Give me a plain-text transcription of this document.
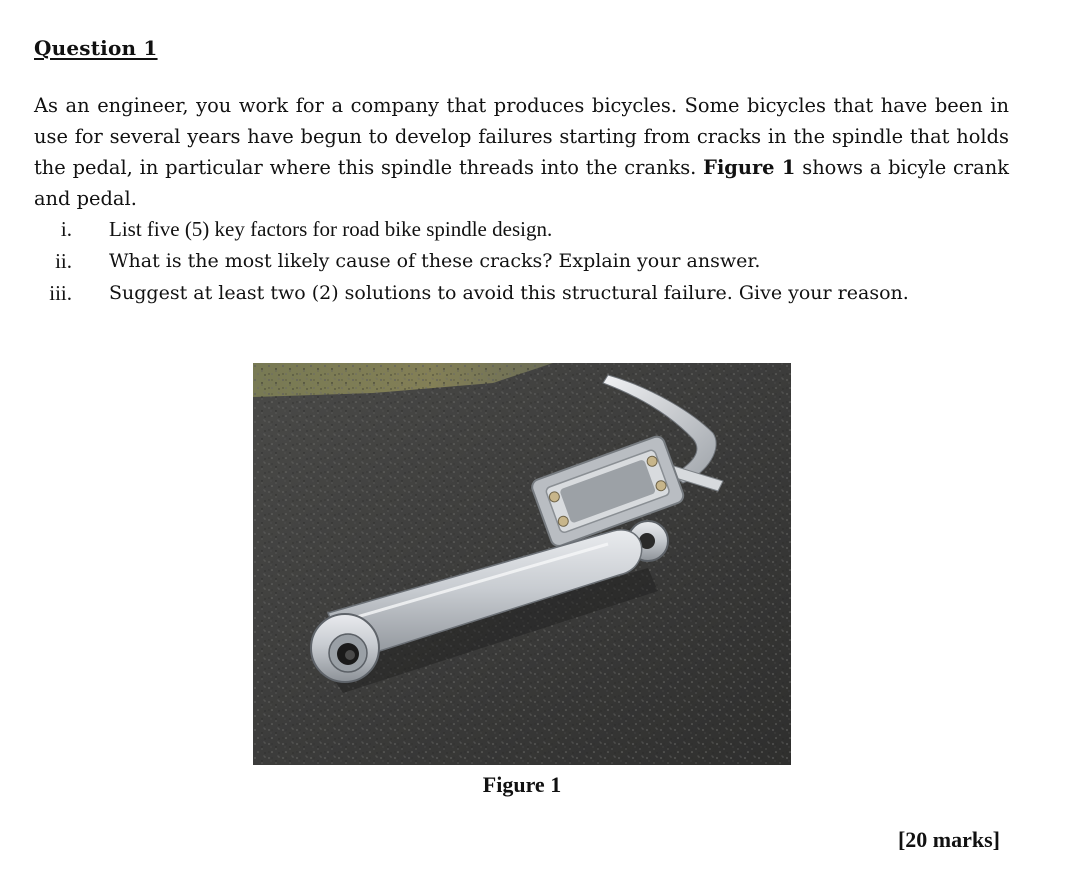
Question 1

As an engineer, you work for a company that produces bicycles. Some bicycles that have been in use for several years have begun to develop failures starting from cracks in the spindle that holds the pedal, in particular where this spindle threads into the cranks. Figure 1 shows a bicyle crank and pedal.

i. List five (5) key factors for road bike spindle design.
ii. What is the most likely cause of these cracks? Explain your answer.
iii. Suggest at least two (2) solutions to avoid this structural failure. Give your reason.
Figure 1
[20 marks]
